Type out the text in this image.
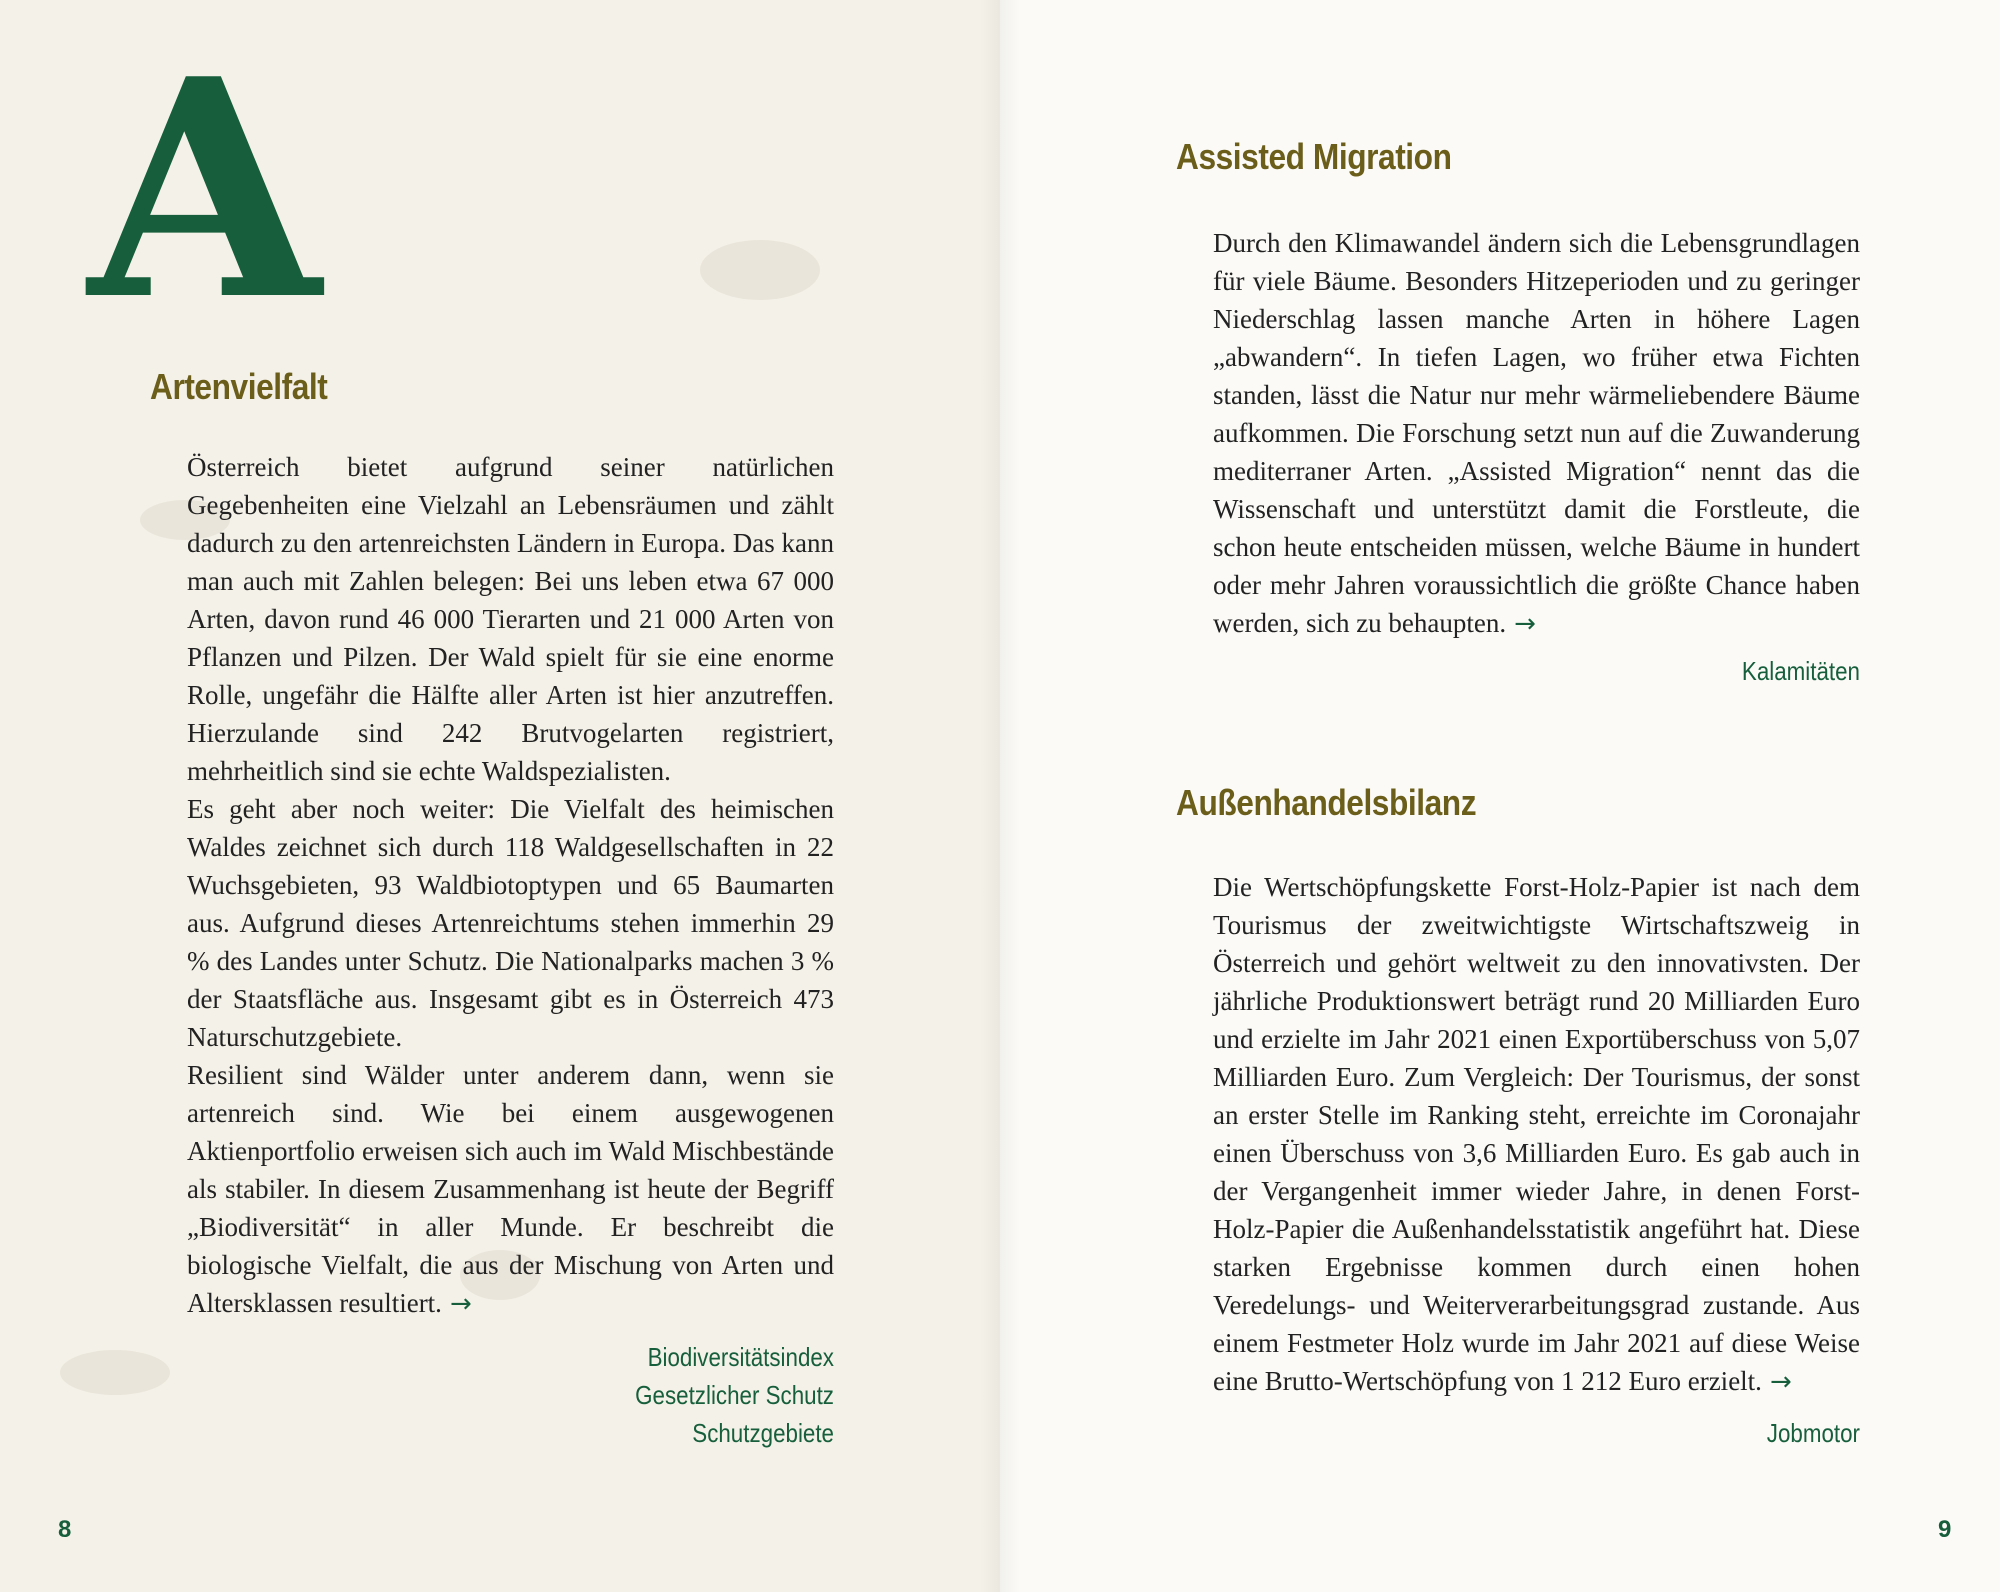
A
Artenvielfalt

Österreich bietet aufgrund seiner natürlichen Gegebenheiten eine Vielzahl an Lebensräumen und zählt dadurch zu den artenreichsten Ländern in Europa. Das kann man auch mit Zahlen belegen: Bei uns leben etwa 67 000 Arten, davon rund 46 000 Tierarten und 21 000 Arten von Pflanzen und Pilzen. Der Wald spielt für sie eine enorme Rolle, ungefähr die Hälfte aller Arten ist hier anzutreffen. Hierzulande sind 242 Brutvogelarten registriert, mehrheitlich sind sie echte Waldspezialisten.

Es geht aber noch weiter: Die Vielfalt des heimischen Waldes zeichnet sich durch 118 Waldgesellschaften in 22 Wuchsgebieten, 93 Waldbiotoptypen und 65 Baumarten aus. Aufgrund dieses Artenreichtums stehen immerhin 29 % des Landes unter Schutz. Die Nationalparks machen 3 % der Staatsfläche aus. Insgesamt gibt es in Österreich 473 Naturschutzgebiete.

Resilient sind Wälder unter anderem dann, wenn sie artenreich sind. Wie bei einem ausgewogenen Aktienportfolio erweisen sich auch im Wald Mischbestände als stabiler. In diesem Zusammenhang ist heute der Begriff „Biodiversität“ in aller Munde. Er beschreibt die biologische Vielfalt, die aus der Mischung von Arten und Altersklassen resultiert. →

Biodiversitätsindex
Gesetzlicher Schutz
Schutzgebiete
8
Assisted Migration

Durch den Klimawandel ändern sich die Lebensgrundlagen für viele Bäume. Besonders Hitzeperioden und zu geringer Niederschlag lassen manche Arten in höhere Lagen „abwandern“. In tiefen Lagen, wo früher etwa Fichten standen, lässt die Natur nur mehr wärmeliebendere Bäume aufkommen. Die Forschung setzt nun auf die Zuwanderung mediterraner Arten. „Assisted Migration“ nennt das die Wissenschaft und unterstützt damit die Forstleute, die schon heute entscheiden müssen, welche Bäume in hundert oder mehr Jahren voraussichtlich die größte Chance haben werden, sich zu behaupten. →

Kalamitäten
Außenhandelsbilanz

Die Wertschöpfungskette Forst-Holz-Papier ist nach dem Tourismus der zweitwichtigste Wirtschaftszweig in Österreich und gehört weltweit zu den innovativsten. Der jährliche Produktionswert beträgt rund 20 Milliarden Euro und erzielte im Jahr 2021 einen Exportüberschuss von 5,07 Milliarden Euro. Zum Vergleich: Der Tourismus, der sonst an erster Stelle im Ranking steht, erreichte im Coronajahr einen Überschuss von 3,6 Milliarden Euro. Es gab auch in der Vergangenheit immer wieder Jahre, in denen Forst-Holz-Papier die Außenhandelsstatistik angeführt hat. Diese starken Ergebnisse kommen durch einen hohen Veredelungs- und Weiterverarbeitungsgrad zustande. Aus einem Festmeter Holz wurde im Jahr 2021 auf diese Weise eine Brutto-Wertschöpfung von 1 212 Euro erzielt. →

Jobmotor
9
